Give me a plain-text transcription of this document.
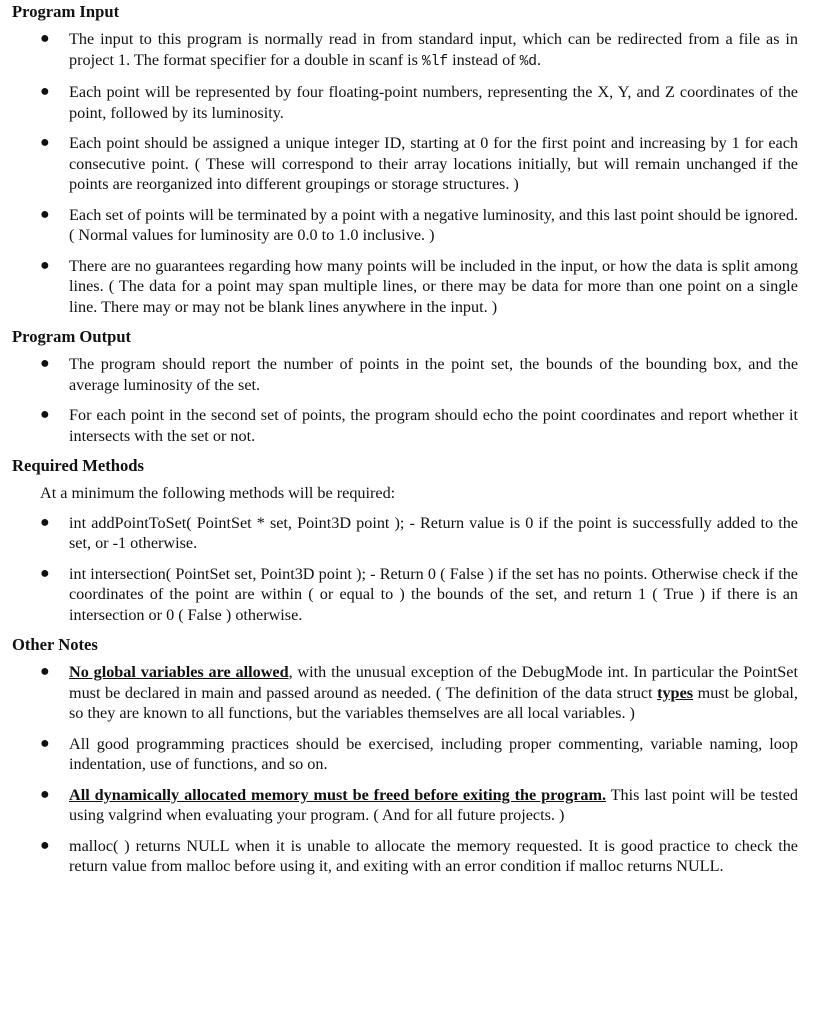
Program Input
● The input to this program is normally read in from standard input, which can be redirected from a file as in project 1. The format specifier for a double in scanf is %lf instead of %d.
● Each point will be represented by four floating-point numbers, representing the X, Y, and Z coordinates of the point, followed by its luminosity.
● Each point should be assigned a unique integer ID, starting at 0 for the first point and increasing by 1 for each consecutive point. ( These will correspond to their array locations initially, but will remain unchanged if the points are reorganized into different groupings or storage structures. )
● Each set of points will be terminated by a point with a negative luminosity, and this last point should be ignored. ( Normal values for luminosity are 0.0 to 1.0 inclusive. )
● There are no guarantees regarding how many points will be included in the input, or how the data is split among lines. ( The data for a point may span multiple lines, or there may be data for more than one point on a single line. There may or may not be blank lines anywhere in the input. )
Program Output
● The program should report the number of points in the point set, the bounds of the bounding box, and the average luminosity of the set.
● For each point in the second set of points, the program should echo the point coordinates and report whether it intersects with the set or not.
Required Methods
At a minimum the following methods will be required:
● int addPointToSet( PointSet * set, Point3D point ); - Return value is 0 if the point is successfully added to the set, or -1 otherwise.
● int intersection( PointSet set, Point3D point ); - Return 0 ( False ) if the set has no points. Otherwise check if the coordinates of the point are within ( or equal to ) the bounds of the set, and return 1 ( True ) if there is an intersection or 0 ( False ) otherwise.
Other Notes
● No global variables are allowed, with the unusual exception of the DebugMode int. In particular the PointSet must be declared in main and passed around as needed. ( The definition of the data struct types must be global, so they are known to all functions, but the variables themselves are all local variables. )
● All good programming practices should be exercised, including proper commenting, variable naming, loop indentation, use of functions, and so on.
● All dynamically allocated memory must be freed before exiting the program. This last point will be tested using valgrind when evaluating your program. ( And for all future projects. )
● malloc( ) returns NULL when it is unable to allocate the memory requested. It is good practice to check the return value from malloc before using it, and exiting with an error condition if malloc returns NULL.
